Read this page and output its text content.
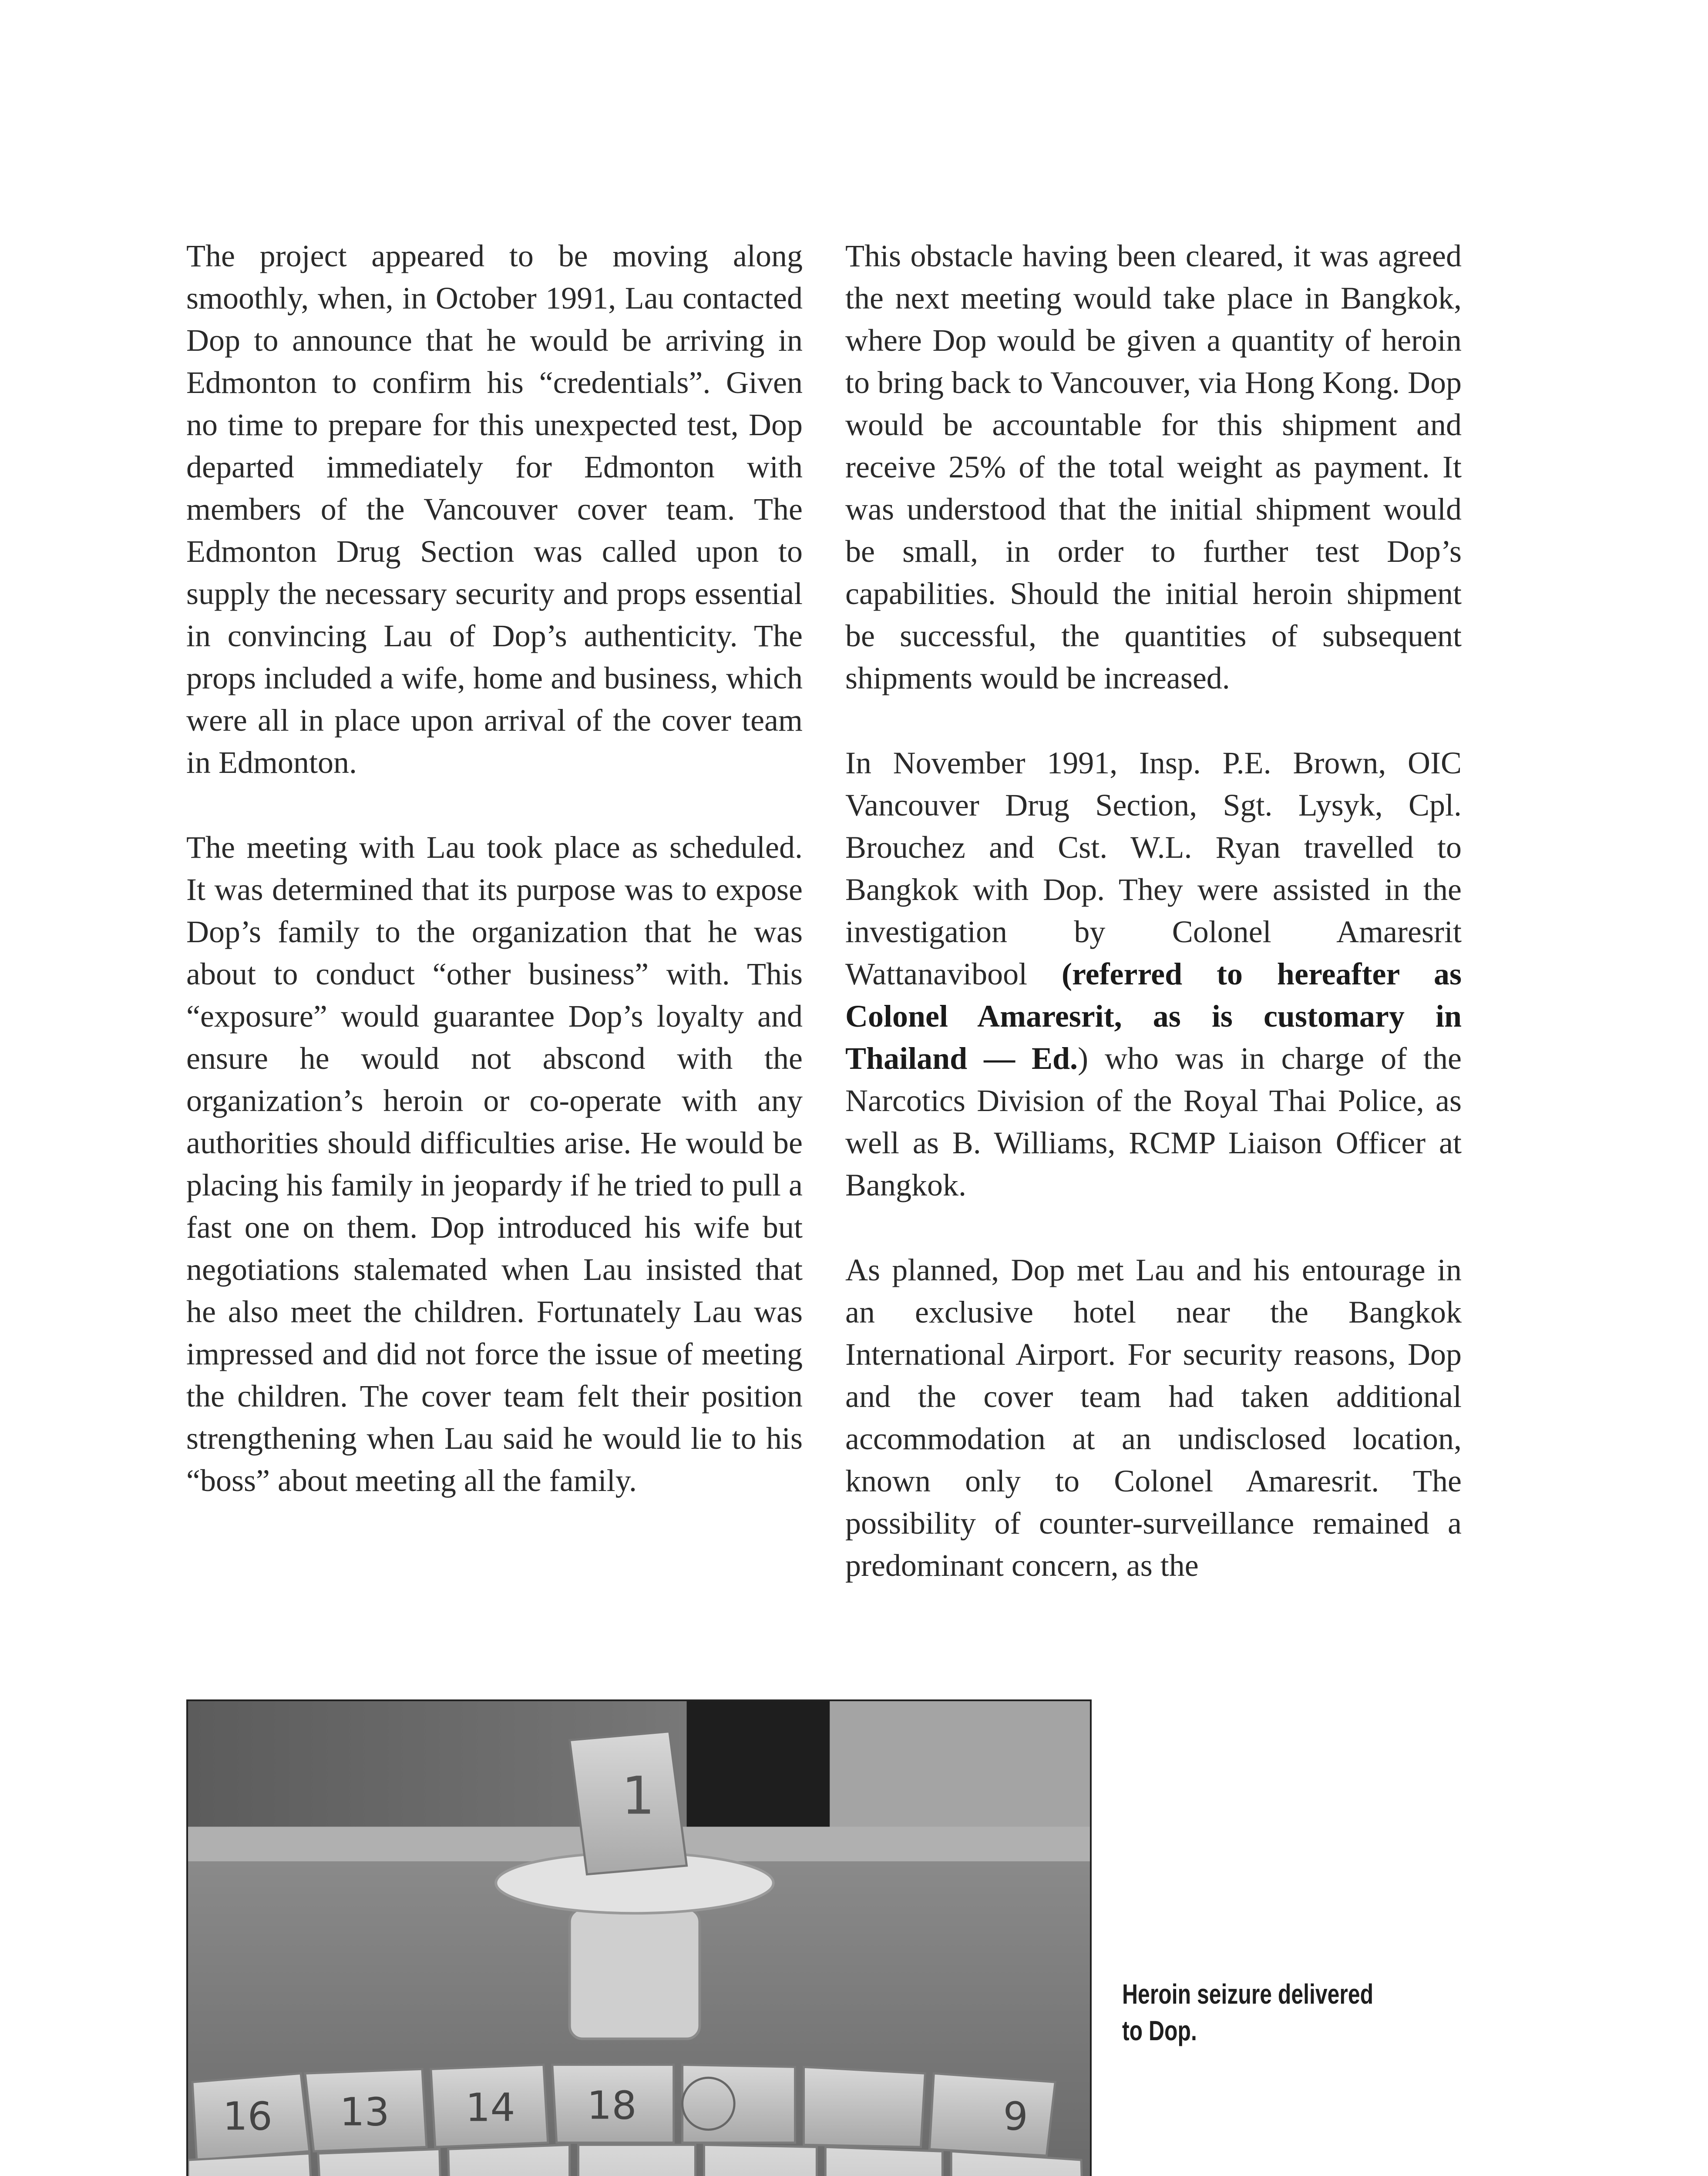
The project appeared to be moving along smoothly, when, in October 1991, Lau contacted Dop to announce that he would be arriving in Edmonton to confirm his “credentials”. Given no time to prepare for this unexpected test, Dop departed immediately for Edmonton with members of the Vancouver cover team. The Edmonton Drug Section was called upon to supply the necessary security and props essential in convincing Lau of Dop’s authenticity. The props included a wife, home and business, which were all in place upon arrival of the cover team in Edmonton.

The meeting with Lau took place as scheduled. It was determined that its purpose was to expose Dop’s family to the organization that he was about to conduct “other business” with. This “exposure” would guarantee Dop’s loyalty and ensure he would not abscond with the organization’s heroin or co-operate with any authorities should difficulties arise. He would be placing his family in jeopardy if he tried to pull a fast one on them. Dop introduced his wife but negotiations stalemated when Lau insisted that he also meet the children. Fortunately Lau was impressed and did not force the issue of meeting the children. The cover team felt their position strengthening when Lau said he would lie to his “boss” about meeting all the family.

This obstacle having been cleared, it was agreed the next meeting would take place in Bangkok, where Dop would be given a quantity of heroin to bring back to Vancouver, via Hong Kong. Dop would be accountable for this shipment and receive 25% of the total weight as payment. It was understood that the initial shipment would be small, in order to further test Dop’s capabilities. Should the initial heroin shipment be successful, the quantities of subsequent shipments would be increased.

In November 1991, Insp. P.E. Brown, OIC Vancouver Drug Section, Sgt. Lysyk, Cpl. Brouchez and Cst. W.L. Ryan travelled to Bangkok with Dop. They were assisted in the investigation by Colonel Amaresrit Wattanavibool (referred to hereafter as Colonel Amaresrit, as is customary in Thailand — Ed.) who was in charge of the Narcotics Division of the Royal Thai Police, as well as B. Williams, RCMP Liaison Officer at Bangkok.

As planned, Dop met Lau and his entourage in an exclusive hotel near the Bangkok International Airport. For security reasons, Dop and the cover team had taken additional accommodation at an undisclosed location, known only to Colonel Amaresrit. The possibility of counter-surveillance remained a predominant concern, as the

1
16 13 14 18	9
Heroin seizure delivered to Dop.
